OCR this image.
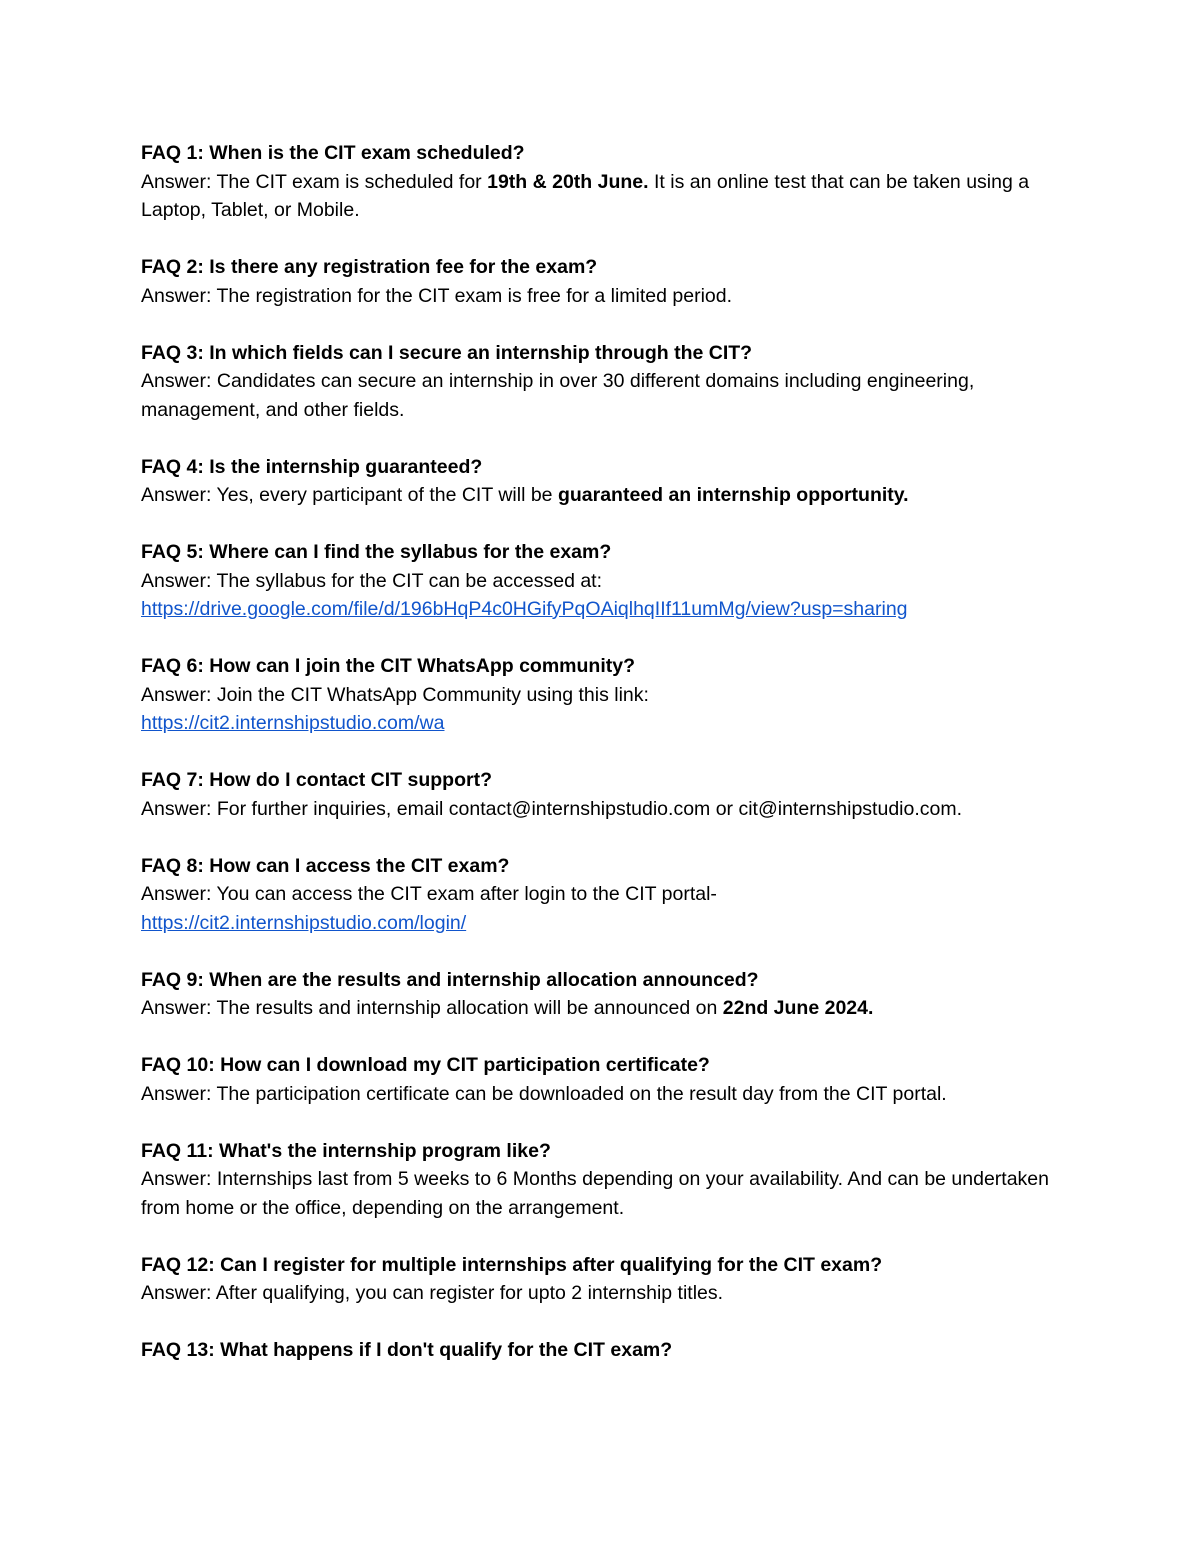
FAQ 1: When is the CIT exam scheduled?
Answer: The CIT exam is scheduled for 19th & 20th June. It is an online test that can be taken using a Laptop, Tablet, or Mobile.
FAQ 2: Is there any registration fee for the exam?
Answer: The registration for the CIT exam is free for a limited period.
FAQ 3: In which fields can I secure an internship through the CIT?
Answer: Candidates can secure an internship in over 30 different domains including engineering, management, and other fields.
FAQ 4: Is the internship guaranteed?
Answer: Yes, every participant of the CIT will be guaranteed an internship opportunity.
FAQ 5: Where can I find the syllabus for the exam?
Answer: The syllabus for the CIT can be accessed at:
https://drive.google.com/file/d/196bHqP4c0HGifyPqOAiqlhqIIf11umMg/view?usp=sharing
FAQ 6: How can I join the CIT WhatsApp community?
Answer: Join the CIT WhatsApp Community using this link:
https://cit2.internshipstudio.com/wa
FAQ 7: How do I contact CIT support?
Answer: For further inquiries, email contact@internshipstudio.com or cit@internshipstudio.com.
FAQ 8: How can I access the CIT exam?
Answer: You can access the CIT exam after login to the CIT portal-
https://cit2.internshipstudio.com/login/
FAQ 9: When are the results and internship allocation announced?
Answer: The results and internship allocation will be announced on 22nd June 2024.
FAQ 10: How can I download my CIT participation certificate?
Answer: The participation certificate can be downloaded on the result day from the CIT portal.
FAQ 11: What's the internship program like?
Answer: Internships last from 5 weeks to 6 Months depending on your availability. And can be undertaken from home or the office, depending on the arrangement.
FAQ 12: Can I register for multiple internships after qualifying for the CIT exam?
Answer: After qualifying, you can register for upto 2 internship titles.
FAQ 13: What happens if I don't qualify for the CIT exam?
